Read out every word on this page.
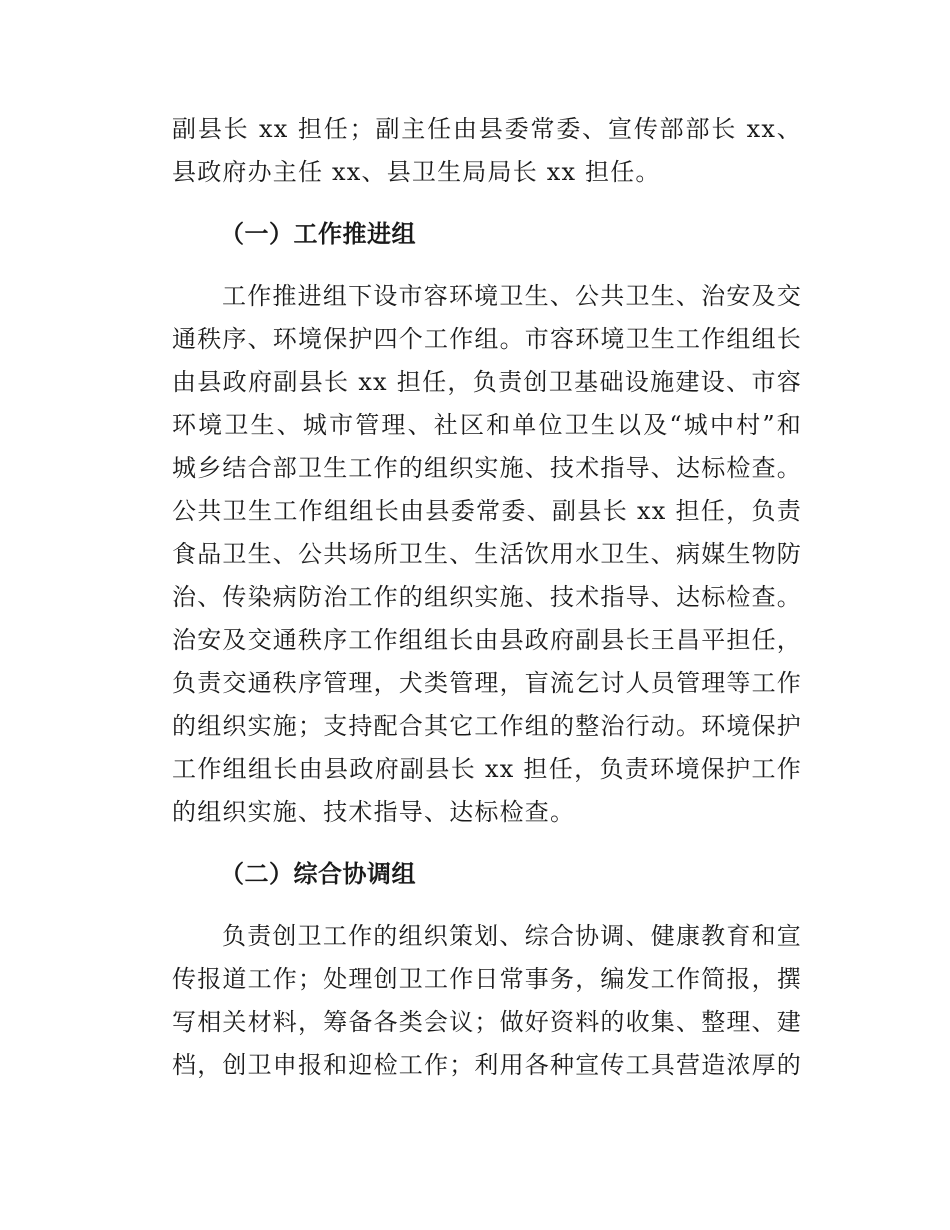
副县长 xx 担任；副主任由县委常委、宣传部部长 xx、县政府办主任 xx、县卫生局局长 xx 担任。

（一）工作推进组

工作推进组下设市容环境卫生、公共卫生、治安及交通秩序、环境保护四个工作组。市容环境卫生工作组组长由县政府副县长 xx 担任，负责创卫基础设施建设、市容环境卫生、城市管理、社区和单位卫生以及“城中村”和城乡结合部卫生工作的组织实施、技术指导、达标检查。公共卫生工作组组长由县委常委、副县长 xx 担任，负责食品卫生、公共场所卫生、生活饮用水卫生、病媒生物防治、传染病防治工作的组织实施、技术指导、达标检查。治安及交通秩序工作组组长由县政府副县长王昌平担任，负责交通秩序管理，犬类管理，盲流乞讨人员管理等工作的组织实施；支持配合其它工作组的整治行动。环境保护工作组组长由县政府副县长 xx 担任，负责环境保护工作的组织实施、技术指导、达标检查。

（二）综合协调组

负责创卫工作的组织策划、综合协调、健康教育和宣传报道工作；处理创卫工作日常事务，编发工作简报，撰写相关材料，筹备各类会议；做好资料的收集、整理、建档，创卫申报和迎检工作；利用各种宣传工具营造浓厚的
